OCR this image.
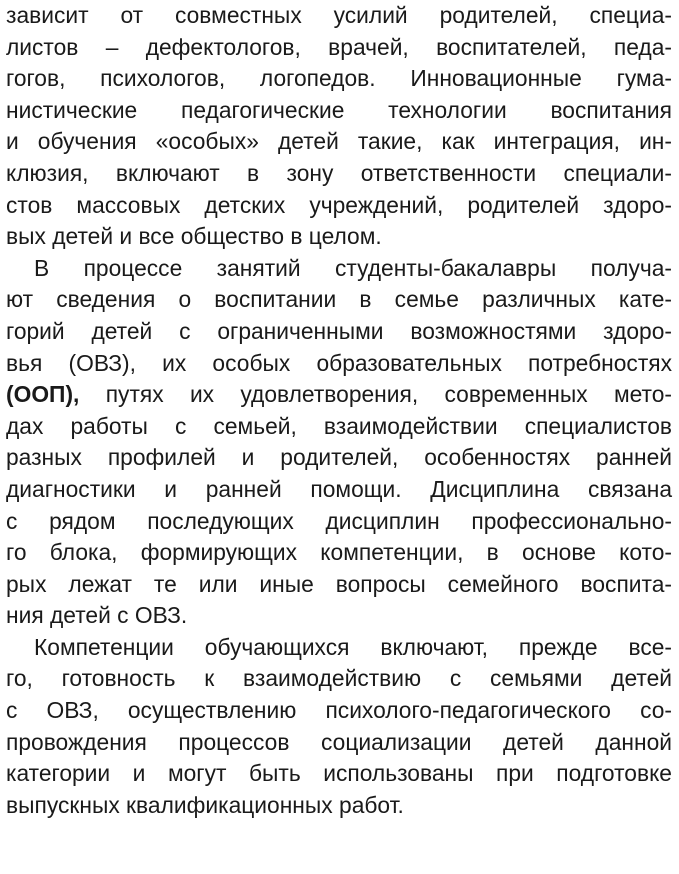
зависит от совместных усилий родителей, специа-
листов – дефектологов, врачей, воспитателей, педа-
гогов, психологов, логопедов. Инновационные гума-
нистические педагогические технологии воспитания
и обучения «особых» детей такие, как интеграция, ин-
клюзия, включают в зону ответственности специали-
стов массовых детских учреждений, родителей здоро-
вых детей и все общество в целом.
В процессе занятий студенты-бакалавры получа-
ют сведения о воспитании в семье различных кате-
горий детей с ограниченными возможностями здоро-
вья (ОВЗ), их особых образовательных потребностях
(ООП), путях их удовлетворения, современных мето-
дах работы с семьей, взаимодействии специалистов
разных профилей и родителей, особенностях ранней
диагностики и ранней помощи. Дисциплина связана
с рядом последующих дисциплин профессионально-
го блока, формирующих компетенции, в основе кото-
рых лежат те или иные вопросы семейного воспита-
ния детей с ОВЗ.
Компетенции обучающихся включают, прежде все-
го, готовность к взаимодействию с семьями детей
с ОВЗ, осуществлению психолого-педагогического со-
провождения процессов социализации детей данной
категории и могут быть использованы при подготовке
выпускных квалификационных работ.
